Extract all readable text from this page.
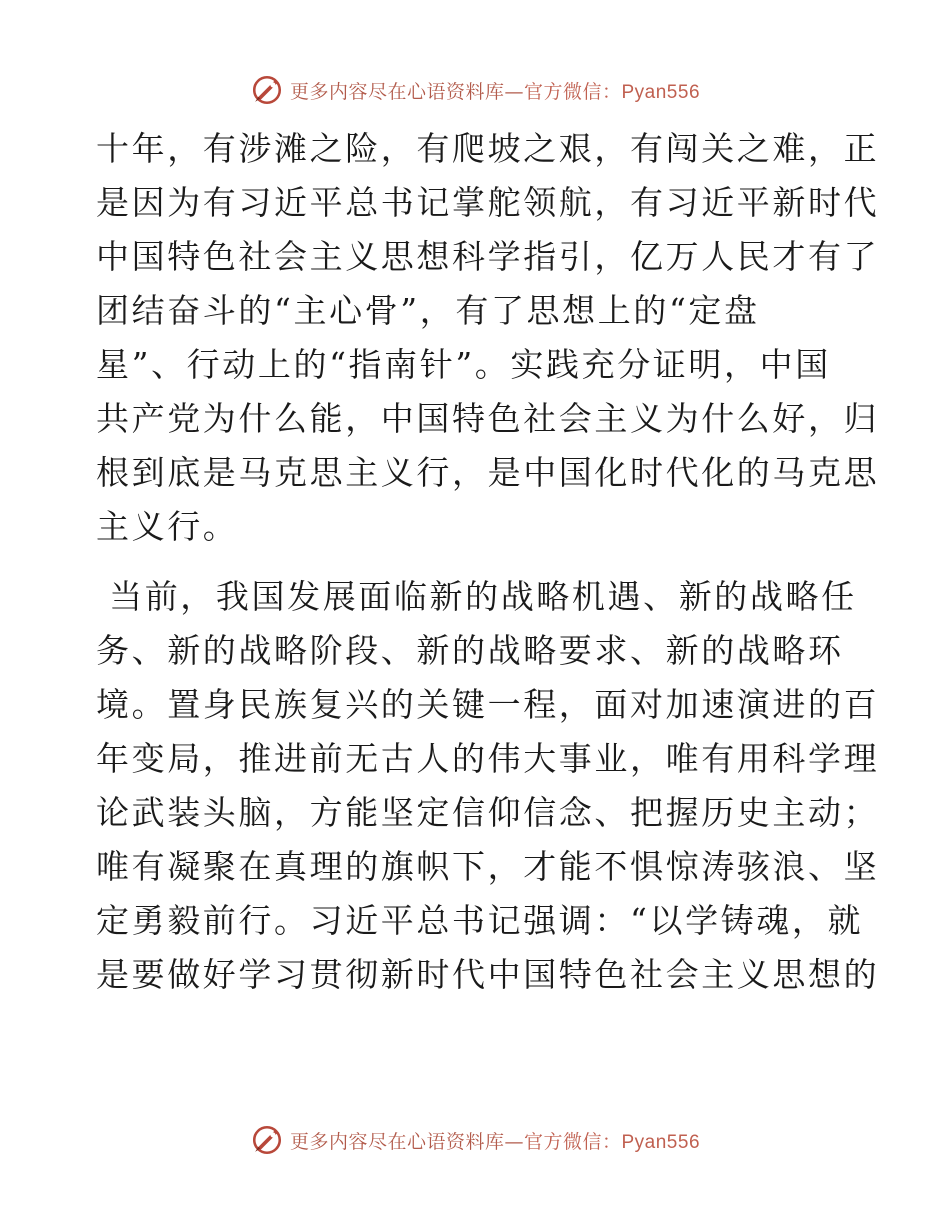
更多内容尽在心语资料库—官方微信：Pyan556
十年，有涉滩之险，有爬坡之艰，有闯关之难，正
是因为有习近平总书记掌舵领航，有习近平新时代
中国特色社会主义思想科学指引，亿万人民才有了
团结奋斗的“主心骨”，有了思想上的“定盘
星”、行动上的“指南针”。实践充分证明，中国
共产党为什么能，中国特色社会主义为什么好，归
根到底是马克思主义行，是中国化时代化的马克思
主义行。
当前，我国发展面临新的战略机遇、新的战略任
务、新的战略阶段、新的战略要求、新的战略环
境。置身民族复兴的关键一程，面对加速演进的百
年变局，推进前无古人的伟大事业，唯有用科学理
论武装头脑，方能坚定信仰信念、把握历史主动；
唯有凝聚在真理的旗帜下，才能不惧惊涛骇浪、坚
定勇毅前行。习近平总书记强调：“以学铸魂，就
是要做好学习贯彻新时代中国特色社会主义思想的
更多内容尽在心语资料库—官方微信：Pyan556
